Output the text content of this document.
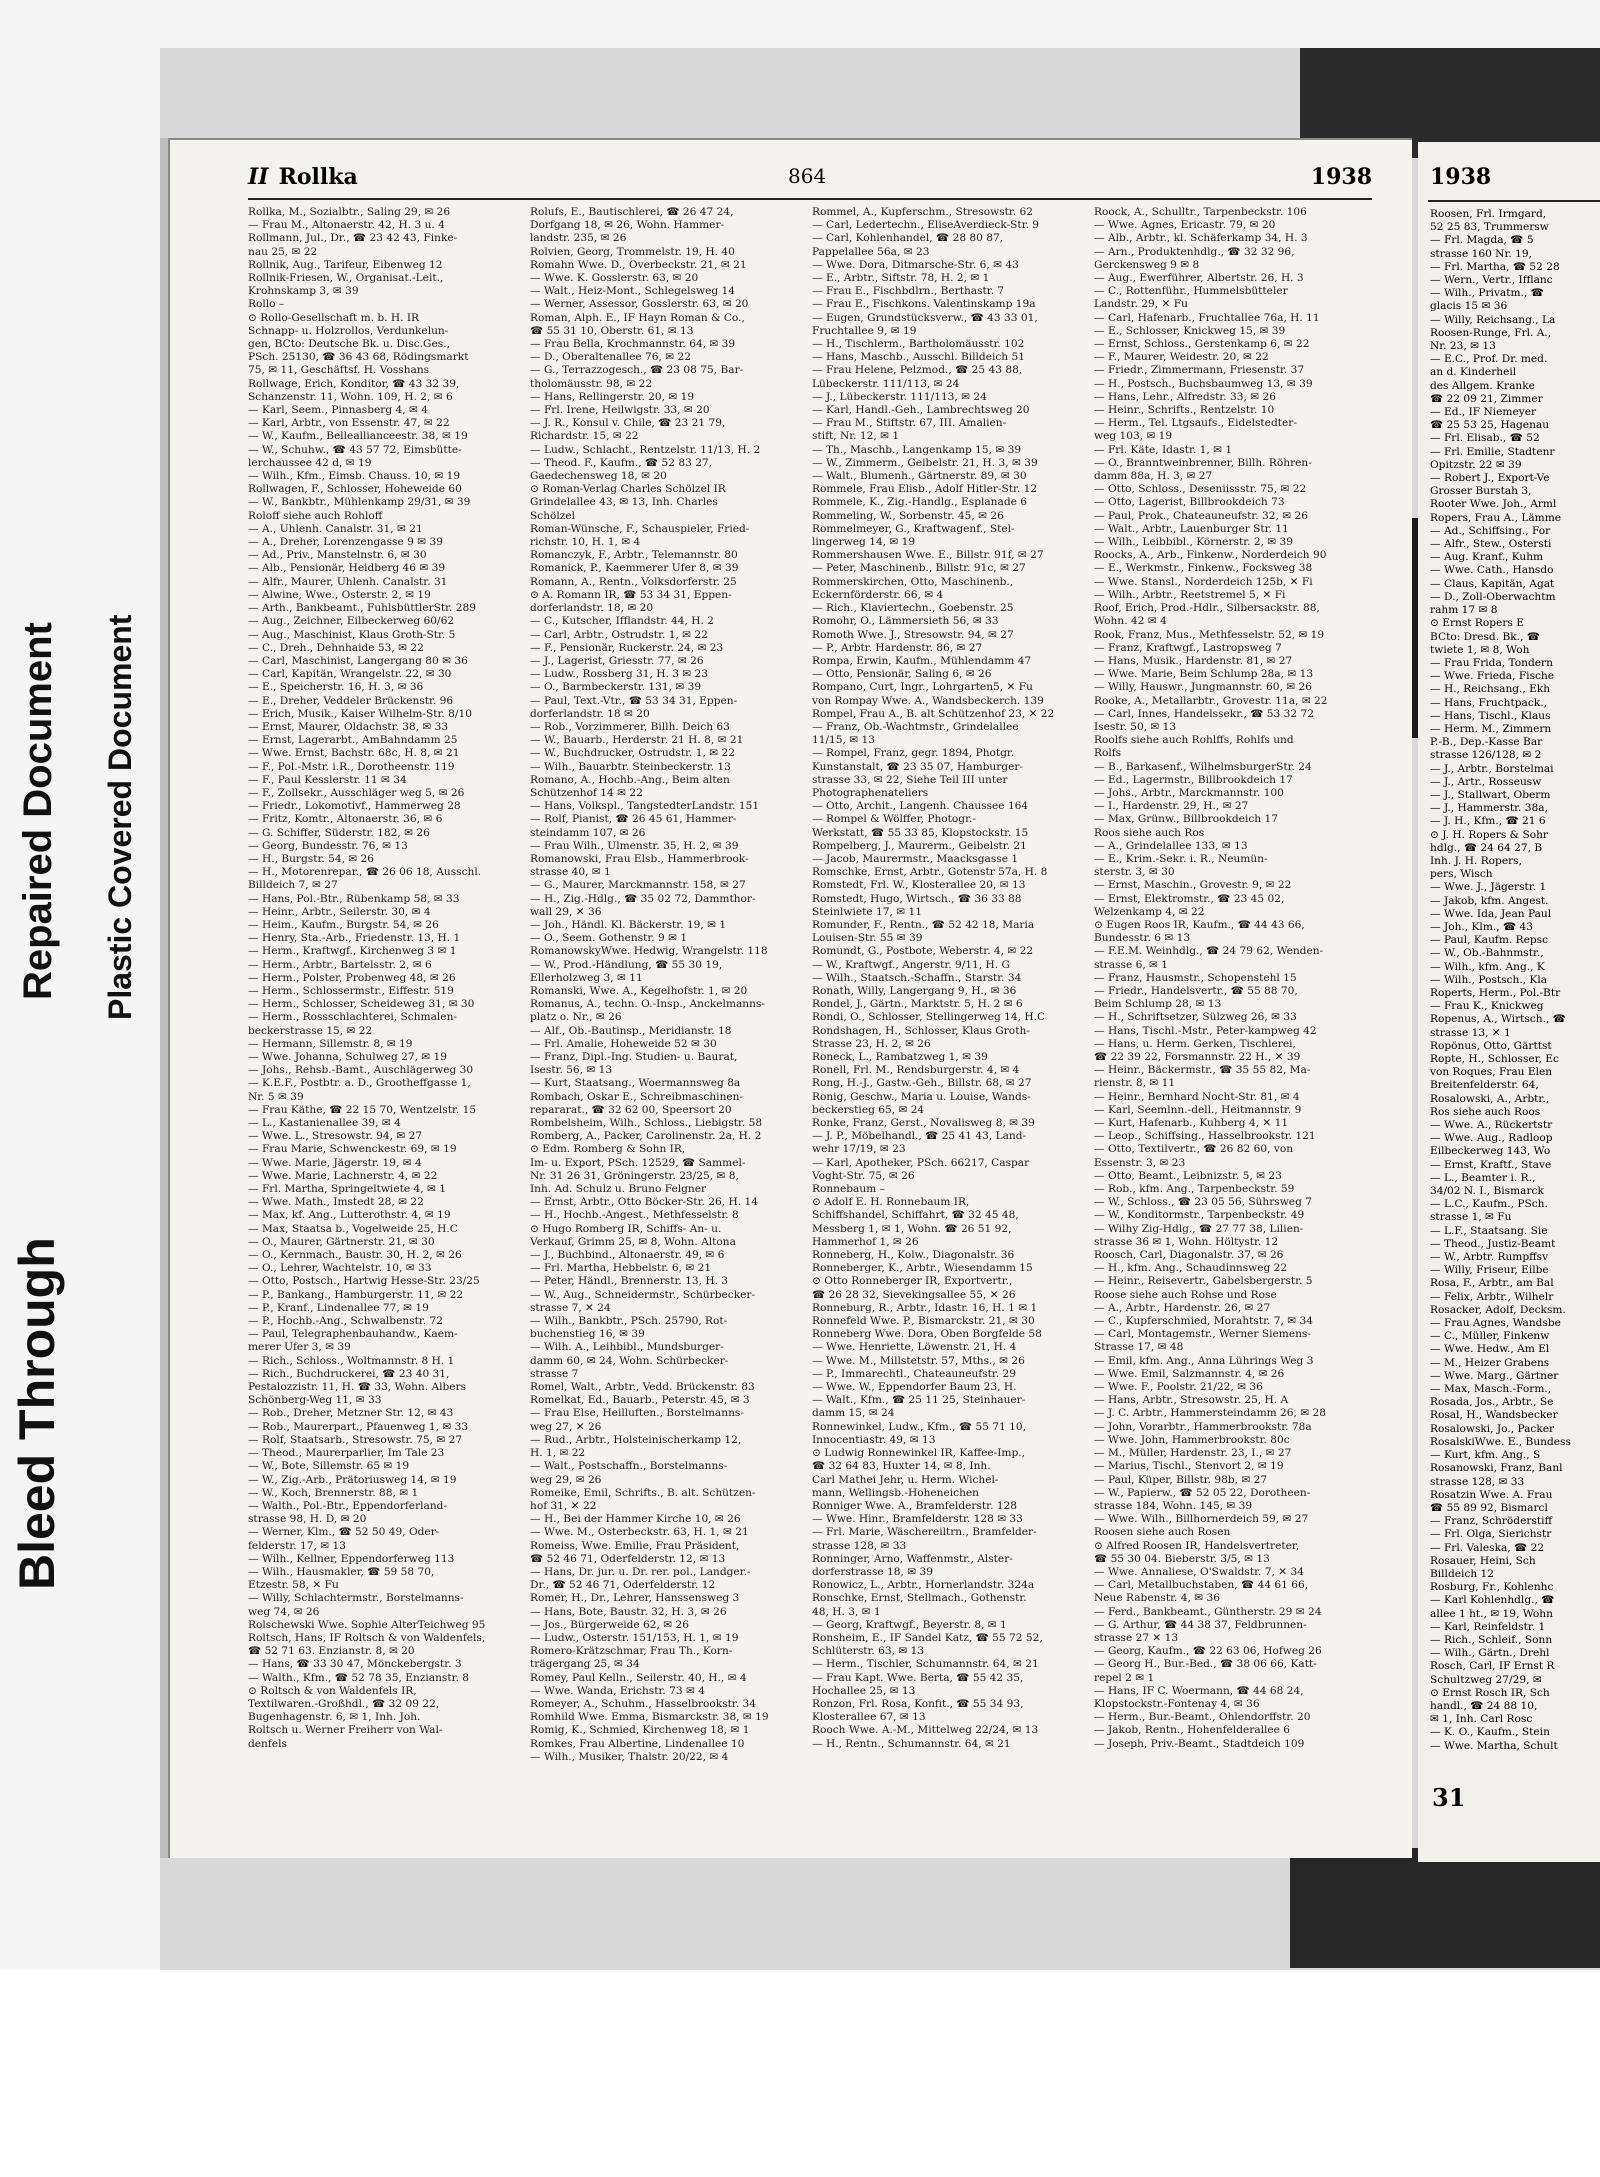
Bleed Through
Repaired Document Plastic Covered Document
II Rollka	864	1938
Rollka, M., Sozialbtr., Saling 29, ✉ 26
— Frau M., Altonaerstr. 42, H. 3 u. 4
Rollmann, Jul., Dr., ☎ 23 42 43, Finke-
nau 25, ✉ 22
Rollnik, Aug., Tarifeur, Eibenweg 12
Rollnik-Friesen, W., Organisat.-Leit.,
Krohnskamp 3, ✉ 39
Rollo –
⊙ Rollo-Gesellschaft m. b. H. IR
Schnapp- u. Holzrollos, Verdunkelun-
gen, BCto: Deutsche Bk. u. Disc.Ges.,
PSch. 25130, ☎ 36 43 68, Rödingsmarkt
75, ✉ 11, Geschäftsf. H. Vosshans
Rollwage, Erich, Konditor, ☎ 43 32 39,
Schanzenstr. 11, Wohn. 109, H. 2, ✉ 6
— Karl, Seem., Pinnasberg 4, ✉ 4
— Karl, Arbtr., von Essenstr. 47, ✉ 22
— W., Kaufm., Belleallianceestr. 38, ✉ 19
— W., Schuhw., ☎ 43 57 72, Eimsbütte-
lerchaussee 42 d, ✉ 19
— Wilh., Kfm., Eimsb. Chauss. 10, ✉ 19
Rollwagen, F., Schlosser, Hoheweide 60
— W., Bankbtr., Mühlenkamp 29/31, ✉ 39
Roloff siehe auch Rohloff
— A., Uhlenh. Canalstr. 31, ✉ 21
— A., Dreher, Lorenzengasse 9 ✉ 39
— Ad., Priv., Manstelnstr. 6, ✉ 30
— Alb., Pensionär, Heidberg 46 ✉ 39
— Alfr., Maurer, Uhlenh. Canalstr. 31
— Alwine, Wwe., Osterstr. 2, ✉ 19
— Arth., Bankbeamt., FuhlsbüttlerStr. 289
— Aug., Zeichner, Eilbeckerweg 60/62
— Aug., Maschinist, Klaus Groth-Str. 5
— C., Dreh., Dehnhaide 53, ✉ 22
— Carl, Maschinist, Langergang 80 ✉ 36
— Carl, Kapitän, Wrangelstr. 22, ✉ 30
— E., Speicherstr. 16, H. 3, ✉ 36
— E., Dreher, Veddeler Brückenstr. 96
— Erich, Musik., Kaiser Wilhelm-Str. 8/10
— Ernst, Maurer, Oldachstr. 38, ✉ 33
— Ernst, Lagerarbt., AmBahndamm 25
— Wwe. Ernst, Bachstr. 68c, H. 8, ✉ 21
— F., Pol.-Mstr. i.R., Dorotheenstr. 119
— F., Paul Kesslerstr. 11 ✉ 34
— F., Zollsekr., Ausschläger weg 5, ✉ 26
— Friedr., Lokomotivf., Hammerweg 28
— Fritz, Komtr., Altonaerstr. 36, ✉ 6
— G. Schiffer, Süderstr. 182, ✉ 26
— Georg, Bundesstr. 76, ✉ 13
— H., Burgstr. 54, ✉ 26
— H., Motorenrepar., ☎ 26 06 18, Ausschl.
Billdeich 7, ✉ 27
— Hans, Pol.-Btr., Rübenkamp 58, ✉ 33
— Heinr., Arbtr., Seilerstr. 30, ✉ 4
— Heim., Kaufm., Burgstr. 54, ✉ 26
— Henry, Sta.-Arb., Friedenstr. 13, H. 1
— Herm., Kraftwgf., Kirchenweg 3 ✉ 1
— Herm., Arbtr., Bartelsstr. 2, ✉ 6
— Herm., Polster, Probenweg 48, ✉ 26
— Herm., Schlossermstr., Eiffestr. 519
— Herm., Schlosser, Scheideweg 31, ✉ 30
— Herm., Rossschlachterei, Schmalen-
beckerstrasse 15, ✉ 22
— Hermann, Sillemstr. 8, ✉ 19
— Wwe. Johanna, Schulweg 27, ✉ 19
— Johs., Rehsb.-Bamt., Auschlägerweg 30
— K.E.F., Postbtr. a. D., Grootheffgasse 1,
Nr. 5 ✉ 39
— Frau Käthe, ☎ 22 15 70, Wentzelstr. 15
— L., Kastanienallee 39, ✉ 4
— Wwe. L., Stresowstr. 94, ✉ 27
— Frau Marie, Schwenckestr. 69, ✉ 19
— Wwe. Marie, Jägerstr. 19, ✉ 4
— Wwe. Marie, Lachnerstr. 4, ✉ 22
— Frl. Martha, Springeltwiete 4, ✉ 1
— Wwe. Math., Imstedt 28, ✉ 22
— Max, kf. Ang., Lutterothstr. 4, ✉ 19
— Max, Staatsa b., Vogelweide 25, H.C
— O., Maurer, Gärtnerstr. 21, ✉ 30
— O., Kernmach., Baustr. 30, H. 2, ✉ 26
— O., Lehrer, Wachtelstr. 10, ✉ 33
— Otto, Postsch., Hartwig Hesse-Str. 23/25
— P., Bankang., Hamburgerstr. 11, ✉ 22
— P., Kranf., Lindenallee 77, ✉ 19
— P., Hochb.-Ang., Schwalbenstr. 72
— Paul, Telegraphenbauhandw., Kaem-
merer Ufer 3, ✉ 39
— Rich., Schloss., Woltmannstr. 8 H. 1
— Rich., Buchdruckerei, ☎ 23 40 31,
Pestalozzistr. 11, H. ☎ 33, Wohn. Albers
Schönberg-Weg 11, ✉ 33
— Rob., Dreher, Metzner Str. 12, ✉ 43
— Rob., Maurerpart., Pfauenweg 1, ✉ 33
— Rolf, Staatsarb., Stresowstr. 75, ✉ 27
— Theod., Maurerparlier, Im Tale 23
— W., Bote, Sillemstr. 65 ✉ 19
— W., Zig.-Arb., Prätoriusweg 14, ✉ 19
— W., Koch, Brennerstr. 88, ✉ 1
— Walth., Pol.-Btr., Eppendorferland-
strasse 98, H. D, ✉ 20
— Werner, Klm., ☎ 52 50 49, Oder-
felderstr. 17, ✉ 13
— Wilh., Kellner, Eppendorferweg 113
— Wilh., Hausmakler, ☎ 59 58 70,
Etzestr. 58, ✕ Fu
— Willy, Schlachtermstr., Borstelmanns-
weg 74, ✉ 26
Rolschewski Wwe. Sophie AlterTeichweg 95
Roltsch, Hans, IF Roltsch & von Waldenfels,
☎ 52 71 63. Enzianstr. 8, ✉ 20
— Hans, ☎ 33 30 47, Mönckebergstr. 3
— Walth., Kfm., ☎ 52 78 35, Enzianstr. 8
⊙ Roltsch & von Waldenfels IR,
Textilwaren.-Großhdl., ☎ 32 09 22,
Bugenhagenstr. 6, ✉ 1, Inh. Joh.
Roltsch u. Werner Freiherr von Wal-
denfels
Rolufs, E., Bautischlerei, ☎ 26 47 24,
Dorfgang 18, ✉ 26, Wohn. Hammer-
landstr. 235, ✉ 26
Rolvien, Georg, Trommelstr. 19, H. 40
Romahn Wwe. D., Overbeckstr. 21, ✉ 21
— Wwe. K. Gosslerstr. 63, ✉ 20
— Walt., Heiz-Mont., Schlegelsweg 14
— Werner, Assessor, Gosslerstr. 63, ✉ 20
Roman, Alph. E., IF Hayn Roman & Co.,
☎ 55 31 10, Oberstr. 61, ✉ 13
— Frau Bella, Krochmannstr. 64, ✉ 39
— D., Oberaltenallee 76, ✉ 22
— G., Terrazzogesch., ☎ 23 08 75, Bar-
tholomäusstr. 98, ✉ 22
— Hans, Rellingerstr. 20, ✉ 19
— Frl. Irene, Heilwigstr. 33, ✉ 20
— J. R., Konsul v. Chile, ☎ 23 21 79,
Richardstr. 15, ✉ 22
— Ludw., Schlacht., Rentzelstr. 11/13, H. 2
— Theod. F., Kaufm., ☎ 52 83 27,
Gaedechensweg 18, ✉ 20
⊙ Roman-Verlag Charles Schölzel IR
Grindelallee 43, ✉ 13, Inh. Charles
Schölzel
Roman-Wünsche, F., Schauspieler, Fried-
richstr. 10, H. 1, ✉ 4
Romanczyk, F., Arbtr., Telemannstr. 80
Romanick, P., Kaemmerer Ufer 8, ✉ 39
Romann, A., Rentn., Volksdorferstr. 25
⊙ A. Romann IR, ☎ 53 34 31, Eppen-
dorferlandstr. 18, ✉ 20
— C., Kutscher, Ifflandstr. 44, H. 2
— Carl, Arbtr., Ostrudstr. 1, ✉ 22
— F., Pensionär, Ruckerstr. 24, ✉ 23
— J., Lagerist, Griesstr. 77, ✉ 26
— Ludw., Rossberg 31, H. 3 ✉ 23
— O., Barmbeckerstr. 131, ✉ 39
— Paul, Text.-Vtr., ☎ 53 34 31, Eppen-
dorferlandstr. 18 ✉ 20
— Rob., Vorzimmerer, Billh. Deich 63
— W., Bauarb., Herderstr. 21 H. 8, ✉ 21
— W., Buchdrucker, Ostrudstr. 1, ✉ 22
— Wilh., Bauarbtr. Steinbeckerstr. 13
Romano, A., Hochb.-Ang., Beim alten
Schützenhof 14 ✉ 22
— Hans, Volkspl., TangstedterLandstr. 151
— Rolf, Pianist, ☎ 26 45 61, Hammer-
steindamm 107, ✉ 26
— Frau Wilh., Ulmenstr. 35, H. 2, ✉ 39
Romanowski, Frau Elsb., Hammerbrook-
strasse 40, ✉ 1
— G., Maurer, Marckmannstr. 158, ✉ 27
— H., Zig.-Hdlg., ☎ 35 02 72, Dammthor-
wall 29, ✕ 36
— Joh., Händl. Kl. Bäckerstr. 19, ✉ 1
— O., Seem. Gothenstr. 9 ✉ 1
RomanowskyWwe. Hedwig, Wrangelstr. 118
— W., Prod.-Händlung, ☎ 55 30 19,
Ellerholzweg 3, ✉ 11
Romanski, Wwe. A., Kegelhofstr. 1, ✉ 20
Romanus, A., techn. O.-Insp., Anckelmanns-
platz o. Nr., ✉ 26
— Alf., Ob.-Bautinsp., Meridianstr. 18
— Frl. Amalie, Hoheweide 52 ✉ 30
— Franz, Dipl.-Ing. Studien- u. Baurat,
Isestr. 56, ✉ 13
— Kurt, Staatsang., Woermannsweg 8a
Rombach, Oskar E., Schreibmaschinen-
repararat., ☎ 32 62 00, Speersort 20
Rombelsheim, Wilh., Schloss., Liebigstr. 58
Romberg, A., Packer, Carolinenstr. 2a, H. 2
⊙ Edm. Romberg & Sohn IR,
Im- u. Export, PSch. 12529, ☎ Sammel-
Nr. 31 26 31, Gröningerstr. 23/25, ✉ 8,
Inh. Ad. Schulz u. Bruno Felgner
— Ernst, Arbtr., Otto Böcker-Str. 26, H. 14
— H., Hochb.-Angest., Methfesselstr. 8
⊙ Hugo Romberg IR, Schiffs- An- u.
Verkauf, Grimm 25, ✉ 8, Wohn. Altona
— J., Buchbind., Altonaerstr. 49, ✉ 6
— Frl. Martha, Hebbelstr. 6, ✉ 21
— Peter, Händl., Brennerstr. 13, H. 3
— W., Aug., Schneidermstr., Schürbecker-
strasse 7, ✕ 24
— Wilh., Bankbtr., PSch. 25790, Rot-
buchenstieg 16, ✉ 39
— Wilh. A., Leihbibl., Mundsburger-
damm 60, ✉ 24, Wohn. Schürbecker-
strasse 7
Romel, Walt., Arbtr., Vedd. Brückenstr. 83
Romelkat, Ed., Bauarb., Peterstr. 45, ✉ 3
— Frau Else, Heilluften., Borstelmanns-
weg 27, ✕ 26
— Rud., Arbtr., Holsteinischerkamp 12,
H. 1, ✉ 22
— Walt., Postschaffn., Borstelmanns-
weg 29, ✉ 26
Romeike, Emil, Schrifts., B. alt. Schützen-
hof 31, ✕ 22
— H., Bei der Hammer Kirche 10, ✉ 26
— Wwe. M., Osterbeckstr. 63, H. 1, ✉ 21
Romeiss, Wwe. Emilie, Frau Präsident,
☎ 52 46 71, Oderfelderstr. 12, ✉ 13
— Hans, Dr. jur. u. Dr. rer. pol., Landger.-
Dr., ☎ 52 46 71, Oderfelderstr. 12
Romer, H., Dr., Lehrer, Hanssensweg 3
— Hans, Bote, Baustr. 32, H. 3, ✉ 26
— Jos., Bürgerweide 62, ✉ 26
— Ludw., Osterstr. 151/153, H. 1, ✉ 19
Romero-Krätzschmar, Frau Th., Korn-
trägergang 25, ✉ 34
Romey, Paul Kelln., Seilerstr. 40, H., ✉ 4
— Wwe. Wanda, Erichstr. 73 ✉ 4
Romeyer, A., Schuhm., Hasselbrookstr. 34
Romhild Wwe. Emma, Bismarckstr. 38, ✉ 19
Romig, K., Schmied, Kirchenweg 18, ✉ 1
Romkes, Frau Albertine, Lindenallee 10
— Wilh., Musiker, Thalstr. 20/22, ✉ 4
Rommel, A., Kupferschm., Stresowstr. 62
— Carl, Ledertechn., EliseAverdieck-Str. 9
— Carl, Kohlenhandel, ☎ 28 80 87,
Pappelallee 56a, ✉ 23
— Wwe. Dora, Ditmarsche-Str. 6, ✉ 43
— E., Arbtr., Siftstr. 78, H. 2, ✉ 1
— Frau E., Fischbdlrn., Berthastr. 7
— Frau E., Fischkons. Valentinskamp 19a
— Eugen, Grundstücksverw., ☎ 43 33 01,
Fruchtallee 9, ✉ 19
— H., Tischlerm., Bartholomäusstr. 102
— Hans, Maschb., Ausschl. Billdeich 51
— Frau Helene, Pelzmod., ☎ 25 43 88,
Lübeckerstr. 111/113, ✉ 24
— J., Lübeckerstr. 111/113, ✉ 24
— Karl, Handl.-Geh., Lambrechtsweg 20
— Frau M., Stiftstr. 67, III. Amalien-
stift, Nr. 12, ✉ 1
— Th., Maschb., Langenkamp 15, ✉ 39
— W., Zimmerm., Geibelstr. 21, H. 3, ✉ 39
— Walt., Blumenh., Gärtnerstr. 89, ✉ 30
Rommele, Frau Elisb., Adolf Hitler-Str. 12
Rommele, K., Zig.-Handlg., Esplanade 6
Rommeling, W., Sorbenstr. 45, ✉ 26
Rommelmeyer, G., Kraftwagenf., Stel-
lingerweg 14, ✉ 19
Rommershausen Wwe. E., Billstr. 91f, ✉ 27
— Peter, Maschinenb., Billstr. 91c, ✉ 27
Rommerskirchen, Otto, Maschinenb.,
Eckernförderstr. 66, ✉ 4
— Rich., Klaviertechn., Goebenstr. 25
Romohr, O., Lämmersieth 56, ✉ 33
Romoth Wwe. J., Stresowstr. 94, ✉ 27
— P., Arbtr. Hardenstr. 86, ✉ 27
Rompa, Erwin, Kaufm., Mühlendamm 47
— Otto, Pensionär, Saling 6, ✉ 26
Rompano, Curt, Ingr., Lohrgarten5, ✕ Fu
von Rompay Wwe. A., Wandsbeckerch. 139
Rompel, Frau A., B. alt Schützenhof 23, ✕ 22
— Franz, Ob.-Wachtmstr., Grindelallee
11/15, ✉ 13
— Rompel, Franz, gegr. 1894, Photgr.
Kunstanstalt, ☎ 23 35 07, Hamburger-
strasse 33, ✉ 22, Siehe Teil III unter
Photographenateliers
— Otto, Archit., Langenh. Chaussee 164
— Rompel & Wölffer, Photogr.-
Werkstatt, ☎ 55 33 85, Klopstockstr. 15
Rompelberg, J., Maurerm., Geibelstr. 21
— Jacob, Maurermstr., Maacksgasse 1
Romschke, Ernst, Arbtr., Gotenstr 57a, H. 8
Romstedt, Frl. W., Klosterallee 20, ✉ 13
Romstedt, Hugo, Wirtsch., ☎ 36 33 88
Steinlwiete 17, ✉ 11
Romunder, F., Rentn., ☎ 52 42 18, Maria
Louisen-Str. 55 ✉ 39
Romundt, G., Postbote, Weberstr. 4, ✉ 22
— W., Kraftwgf., Angerstr. 9/11, H. G
— Wilh., Staatsch.-Schaffn., Starstr. 34
Ronath, Willy, Langergang 9, H., ✉ 36
Rondel, J., Gärtn., Marktstr. 5, H. 2 ✉ 6
Rondi, O., Schlosser, Stellingerweg 14, H.C
Rondshagen, H., Schlosser, Klaus Groth-
Strasse 23, H. 2, ✉ 26
Roneck, L., Rambatzweg 1, ✉ 39
Ronell, Frl. M., Rendsburgerstr. 4, ✉ 4
Rong, H.-J., Gastw.-Geh., Billstr. 68, ✉ 27
Ronig, Geschw., Maria u. Louise, Wands-
beckerstieg 65, ✉ 24
Ronke, Franz, Gerst., Novalisweg 8, ✉ 39
— J. P., Möbelhandl., ☎ 25 41 43, Land-
wehr 17/19, ✉ 23
— Karl, Apotheker, PSch. 66217, Caspar
Voght-Str. 75, ✉ 26
Ronnebaum –
⊙ Adolf E. H. Ronnebaum IR,
Schiffshandel, Schiffahrt, ☎ 32 45 48,
Messberg 1, ✉ 1, Wohn. ☎ 26 51 92,
Hammerhof 1, ✉ 26
Ronneberg, H., Kolw., Diagonalstr. 36
Ronneberger, K., Arbtr., Wiesendamm 15
⊙ Otto Ronneberger IR, Exportvertr.,
☎ 26 28 32, Sievekingsallee 55, ✕ 26
Ronneburg, R., Arbtr., Idastr. 16, H. 1 ✉ 1
Ronnefeld Wwe. P., Bismarckstr. 21, ✉ 30
Ronneberg Wwe. Dora, Oben Borgfelde 58
— Wwe. Henriette, Löwenstr. 21, H. 4
— Wwe. M., Millstetstr. 57, Mths., ✉ 26
— P., Immarechtl., Chateauneufstr. 29
— Wwe. W., Eppendorfer Baum 23, H.
— Walt., Kfm., ☎ 25 11 25, Steinhauer-
damm 15, ✉ 24
Ronnewinkel, Ludw., Kfm., ☎ 55 71 10,
Innocentiastr. 49, ✉ 13
⊙ Ludwig Ronnewinkel IR, Kaffee-Imp.,
☎ 32 64 83, Huxter 14, ✉ 8, Inh.
Carl Mathei Jehr, u. Herm. Wichel-
mann, Wellingsb.-Hoheneichen
Ronniger Wwe. A., Bramfelderstr. 128
— Wwe. Hinr., Bramfelderstr. 128 ✉ 33
— Frl. Marie, Wäschereiltrn., Bramfelder-
strasse 128, ✉ 33
Ronninger, Arno, Waffenmstr., Alster-
dorferstrasse 18, ✉ 39
Ronowicz, L., Arbtr., Hornerlandstr. 324a
Ronschke, Ernst, Stellmach., Gothenstr.
48, H. 3, ✉ 1
— Georg, Kraftwgf., Beyerstr. 8, ✉ 1
Ronsheim, E., IF Sandel Katz, ☎ 55 72 52,
Schlüterstr. 63, ✉ 13
— Herm., Tischler, Schumannstr. 64, ✉ 21
— Frau Kapt. Wwe. Berta, ☎ 55 42 35,
Hochallee 25, ✉ 13
Ronzon, Frl. Rosa, Konfit., ☎ 55 34 93,
Klosterallee 67, ✉ 13
Rooch Wwe. A.-M., Mittelweg 22/24, ✉ 13
— H., Rentn., Schumannstr. 64, ✉ 21
Roock, A., Schulltr., Tarpenbeckstr. 106
— Wwe. Agnes, Ericastr. 79, ✉ 20
— Alb., Arbtr., kl. Schäferkamp 34, H. 3
— Arn., Produktenhdlg., ☎ 32 32 96,
Gerckensweg 9 ✉ 8
— Aug., Ewerführer, Albertstr. 26, H. 3
— C., Rottenführ., Hummelsbütteler
Landstr. 29, ✕ Fu
— Carl, Hafenarb., Fruchtallee 76a, H. 11
— E., Schlosser, Knickweg 15, ✉ 39
— Ernst, Schloss., Gerstenkamp 6, ✉ 22
— F., Maurer, Weidestr. 20, ✉ 22
— Friedr., Zimmermann, Friesenstr. 37
— H., Postsch., Buchsbaumweg 13, ✉ 39
— Hans, Lehr., Alfredstr. 33, ✉ 26
— Heinr., Schrifts., Rentzelstr. 10
— Herm., Tel. Ltgsaufs., Eidelstedter-
weg 103, ✉ 19
— Frl. Käte, Idastr. 1, ✉ 1
— O., Branntweinbrenner, Billh. Röhren-
damm 88a, H. 3, ✉ 27
— Otto, Schloss., Deseniissstr. 75, ✉ 22
— Otto, Lagerist, Billbrookdeich 73
— Paul, Prok., Chateauneufstr. 32, ✉ 26
— Walt., Arbtr., Lauenburger Str. 11
— Wilh., Leibbibl., Körnerstr. 2, ✉ 39
Roocks, A., Arb., Finkenw., Norderdeich 90
— E., Werkmstr., Finkenw., Focksweg 38
— Wwe. Stansl., Norderdeich 125b, ✕ Fi
— Wilh., Arbtr., Reetstremel 5, ✕ Fi
Roof, Erich, Prod.-Hdlr., Silbersackstr. 88,
Wohn. 42 ✉ 4
Rook, Franz, Mus., Methfesselstr. 52, ✉ 19
— Franz, Kraftwgf., Lastropsweg 7
— Hans, Musik., Hardenstr. 81, ✉ 27
— Wwe. Marie, Beim Schlump 28a, ✉ 13
— Willy, Hauswr., Jungmannstr. 60, ✉ 26
Rooke, A., Metallarbtr., Grovestr. 11a, ✉ 22
— Carl, Innes, Handelssekr., ☎ 53 32 72
Isestr. 50, ✉ 13
Roolfs siehe auch Rohlffs, Rohlfs und
Rolfs
— B., Barkasenf., WilhelmsburgerStr. 24
— Ed., Lagermstr., Billbrookdeich 17
— Johs., Arbtr., Marckmannstr. 100
— I., Hardenstr. 29, H., ✉ 27
— Max, Grünw., Billbrookdeich 17
Roos siehe auch Ros
— A., Grindelallee 133, ✉ 13
— E., Krim.-Sekr. i. R., Neumün-
sterstr. 3, ✉ 30
— Ernst, Maschin., Grovestr. 9, ✉ 22
— Ernst, Elektromstr., ☎ 23 45 02,
Welzenkamp 4, ✉ 22
⊙ Eugen Roos IR, Kaufm., ☎ 44 43 66,
Bundesstr. 6 ✉ 13
— F.E.M. Weinhdlg., ☎ 24 79 62, Wenden-
strasse 6, ✉ 1
— Franz, Hausmstr., Schopenstehl 15
— Friedr., Handelsvertr., ☎ 55 88 70,
Beim Schlump 28, ✉ 13
— H., Schriftsetzer, Sülzweg 26, ✉ 33
— Hans, Tischl.-Mstr., Peter-kampweg 42
— Hans, u. Herm. Gerken, Tischlerei,
☎ 22 39 22, Forsmannstr. 22 H., ✕ 39
— Heinr., Bäckermstr., ☎ 35 55 82, Ma-
rienstr. 8, ✉ 11
— Heinr., Bernhard Nocht-Str. 81, ✉ 4
— Karl, Seemlnn.-dell., Heitmannstr. 9
— Kurt, Hafenarb., Kuhberg 4, ✕ 11
— Leop., Schiffsing., Hasselbrookstr. 121
— Otto, Textilvertr., ☎ 26 82 60, von
Essenstr. 3, ✉ 23
— Otto, Beamt., Leibnizstr. 5, ✉ 23
— Rob., kfm. Ang., Tarpenbeckstr. 59
— W., Schloss., ☎ 23 05 56, Sührsweg 7
— W., Konditormstr., Tarpenbeckstr. 49
— Wilhy Zig-Hdlg., ☎ 27 77 38, Lilien-
strasse 36 ✉ 1, Wohn. Höltystr. 12
Roosch, Carl, Diagonalstr. 37, ✉ 26
— H., kfm. Ang., Schaudinnsweg 22
— Heinr., Reisevertr., Gabelsbergerstr. 5
Roose siehe auch Rohse und Rose
— A., Arbtr., Hardenstr. 26, ✉ 27
— C., Kupferschmied, Morahtstr. 7, ✉ 34
— Carl, Montagemstr., Werner Siemens-
Strasse 17, ✉ 48
— Emil, kfm. Ang., Anna Lührings Weg 3
— Wwe. Emil, Salzmannstr. 4, ✉ 26
— Wwe. F., Poolstr. 21/22, ✉ 36
— Hans, Arbtr., Stresowstr. 25, H. A
— J. C. Arbtr., Hammersteindamm 26, ✉ 28
— John, Vorarbtr., Hammerbrookstr. 78a
— Wwe. John, Hammerbrookstr. 80c
— M., Müller, Hardenstr. 23, I., ✉ 27
— Marius, Tischl., Stenvort 2, ✉ 19
— Paul, Küper, Billstr. 98b, ✉ 27
— W., Papierw., ☎ 52 05 22, Dorotheen-
strasse 184, Wohn. 145, ✉ 39
— Wwe. Wilh., Billhornerdeich 59, ✉ 27
Roosen siehe auch Rosen
⊙ Alfred Roosen IR, Handelsvertreter,
☎ 55 30 04. Bieberstr. 3/5, ✉ 13
— Wwe. Annaliese, O'Swaldstr. 7, ✕ 34
— Carl, Metallbuchstaben, ☎ 44 61 66,
Neue Rabenstr. 4, ✉ 36
— Ferd., Bankbeamt., Güntherstr. 29 ✉ 24
— G. Arthur, ☎ 44 38 37, Feldbrunnen-
strasse 27 ✕ 13
— Georg, Kaufm., ☎ 22 63 06, Hofweg 26
— Georg H., Bur.-Bed., ☎ 38 06 66, Katt-
repel 2 ✉ 1
— Hans, IF C. Woermann, ☎ 44 68 24,
Klopstockstr.-Fontenay 4, ✉ 36
— Herm., Bur.-Beamt., Ohlendorffstr. 20
— Jakob, Rentn., Hohenfelderallee 6
— Joseph, Priv.-Beamt., Stadtdeich 109
1938
Roosen, Frl. Irmgard,
52 25 83, Trummersw
— Frl. Magda, ☎ 5
strasse 160 Nr. 19,
— Frl. Martha, ☎ 52 28
— Wern., Vertr., Ifflanc
— Wilh., Privatm., ☎
glacis 15 ✉ 36
— Willy, Reichsang., La
Roosen-Runge, Frl. A.,
Nr. 23, ✉ 13
— E.C., Prof. Dr. med.
an d. Kinderheil
des Allgem. Kranke
☎ 22 09 21, Zimmer
— Ed., IF Niemeyer
☎ 25 53 25, Hagenau
— Frl. Elisab., ☎ 52
— Frl. Emilie, Stadtenr
Opitzstr. 22 ✉ 39
— Robert J., Export-Ve
Grosser Burstah 3,
Rooter Wwe. Joh., Arml
Ropers, Frau A., Lämme
— Ad., Schiffsing., For
— Alfr., Stew., Ostersti
— Aug. Kranf., Kuhm
— Wwe. Cath., Hansdo
— Claus, Kapitän, Agat
— D., Zoll-Oberwachtm
rahm 17 ✉ 8
⊙ Ernst Ropers E
BCto: Dresd. Bk., ☎
twiete 1, ✉ 8, Woh
— Frau Frida, Tondern
— Wwe. Frieda, Fische
— H., Reichsang., Ekh
— Hans, Fruchtpack.,
— Hans, Tischl., Klaus
— Herm. M., Zimmern
P.-B., Dep.-Kasse Bar
strasse 126/128, ✉ 2
— J., Arbtr., Borstelmai
— J., Artr., Rosseusw
— J., Stallwart, Oberm
— J., Hammerstr. 38a,
— J. H., Kfm., ☎ 21 6
⊙ J. H. Ropers & Sohr
hdlg., ☎ 24 64 27, B
Inh. J. H. Ropers,
pers, Wisch
— Wwe. J., Jägerstr. 1
— Jakob, kfm. Angest.
— Wwe. Ida, Jean Paul
— Joh., Klm., ☎ 43
— Paul, Kaufm. Repsc
— W., Ob.-Bahnmstr.,
— Wilh., kfm. Ang., K
— Wilh., Postsch., Kla
Roperts, Herm., Pol.-Btr
— Frau K., Knickweg
Ropenus, A., Wirtsch., ☎
strasse 13, ✕ 1
Ropönus, Otto, Gärttst
Ropte, H., Schlosser, Ec
von Roques, Frau Elen
Breitenfelderstr. 64,
Rosalowski, A., Arbtr.,
Ros siehe auch Roos
— Wwe. A., Rückertstr
— Wwe. Aug., Radloop
Eilbeckerweg 143, Wo
— Ernst, Kraftf., Stave
— L., Beamter i. R.,
34/02 N. I., Bismarck
— L.C., Kaufm., PSch.
strasse 1, ✉ Fu
— L.F., Staatsang. Sie
— Theod., Justiz-Beamt
— W., Arbtr. Rumpffsv
— Willy, Friseur, Eilbe
Rosa, F., Arbtr., am Bal
— Felix, Arbtr., Wilhelr
Rosacker, Adolf, Decksm.
— Frau Agnes, Wandsbe
— C., Müller, Finkenw
— Wwe. Hedw., Am El
— M., Heizer Grabens
— Wwe. Marg., Gärtner
— Max, Masch.-Form.,
Rosada, Jos., Arbtr., Se
Rosal, H., Wandsbecker
Rosalowski, Jo., Packer
RosalskiWwe. E., Bundess
— Kurt, kfm. Ang., S
Rosanowski, Franz, Banl
strasse 128, ✉ 33
Rosatzin Wwe. A. Frau
☎ 55 89 92, Bismarcl
— Franz, Schröderstiff
— Frl. Olga, Sierichstr
— Frl. Valeska, ☎ 22
Rosauer, Heini, Sch
Billdeich 12
Rosburg, Fr., Kohlenhc
— Karl Kohlenhdlg., ☎
allee 1 ht., ✉ 19, Wohn
— Karl, Reinfeldstr. 1
— Rich., Schleif., Sonn
— Wilh., Gärtn., Drehl
Rosch, Carl, IF Ernst R
Schultzweg 27/29, ✉
⊙ Ernst Rosch IR, Sch
handl., ☎ 24 88 10,
✉ 1, Inh. Carl Rosc
— K. O., Kaufm., Stein
— Wwe. Martha, Schult
31
